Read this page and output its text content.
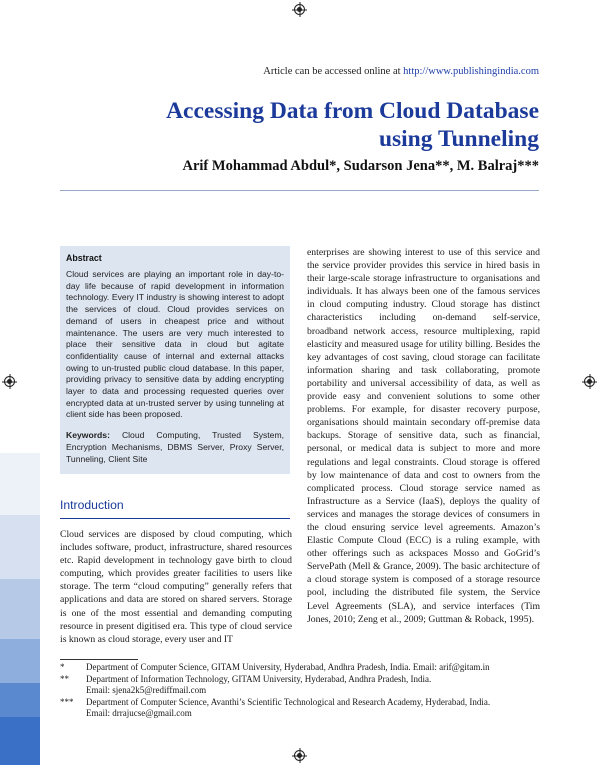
Article can be accessed online at http://www.publishingindia.com
Accessing Data from Cloud Database
using Tunneling
Arif Mohammad Abdul*, Sudarson Jena**, M. Balraj***
Abstract

Cloud services are playing an important role in day-to-day life because of rapid development in information technology. Every IT industry is showing interest to adopt the services of cloud. Cloud provides services on demand of users in cheapest price and without maintenance. The users are very much interested to place their sensitive data in cloud but agitate confidentiality cause of internal and external attacks owing to un-trusted public cloud database. In this paper, providing privacy to sensitive data by adding encrypting layer to data and processing requested queries over encrypted data at un-trusted server by using tunneling at client side has been proposed.

Keywords: Cloud Computing, Trusted System, Encryption Mechanisms, DBMS Server, Proxy Server, Tunneling, Client Site
Introduction

Cloud services are disposed by cloud computing, which includes software, product, infrastructure, shared resources etc. Rapid development in technology gave birth to cloud computing, which provides greater facilities to users like storage. The term “cloud computing” generally refers that applications and data are stored on shared servers. Storage is one of the most essential and demanding computing resource in present digitised era. This type of cloud service is known as cloud storage, every user and IT

enterprises are showing interest to use of this service and the service provider provides this service in hired basis in their large-scale storage infrastructure to organisations and individuals. It has always been one of the famous services in cloud computing industry. Cloud storage has distinct characteristics including on-demand self-service, broadband network access, resource multiplexing, rapid elasticity and measured usage for utility billing. Besides the key advantages of cost saving, cloud storage can facilitate information sharing and task collaborating, promote portability and universal accessibility of data, as well as provide easy and convenient solutions to some other problems. For example, for disaster recovery purpose, organisations should maintain secondary off-premise data backups. Storage of sensitive data, such as financial, personal, or medical data is subject to more and more regulations and legal constraints. Cloud storage is offered by low maintenance of data and cost to owners from the complicated process. Cloud storage service named as Infrastructure as a Service (IaaS), deploys the quality of services and manages the storage devices of consumers in the cloud ensuring service level agreements. Amazon’s Elastic Compute Cloud (ECC) is a ruling example, with other offerings such as ackspaces Mosso and GoGrid’s ServePath (Mell & Grance, 2009). The basic architecture of a cloud storage system is composed of a storage resource pool, including the distributed file system, the Service Level Agreements (SLA), and service interfaces (Tim Jones, 2010; Zeng et al., 2009; Guttman & Roback, 1995).

* Department of Computer Science, GITAM University, Hyderabad, Andhra Pradesh, India. Email: arif@gitam.in
** Department of Information Technology, GITAM University, Hyderabad, Andhra Pradesh, India.
Email: sjena2k5@rediffmail.com
*** Department of Computer Science, Avanthi’s Scientific Technological and Research Academy, Hyderabad, India.
Email: drrajucse@gmail.com
